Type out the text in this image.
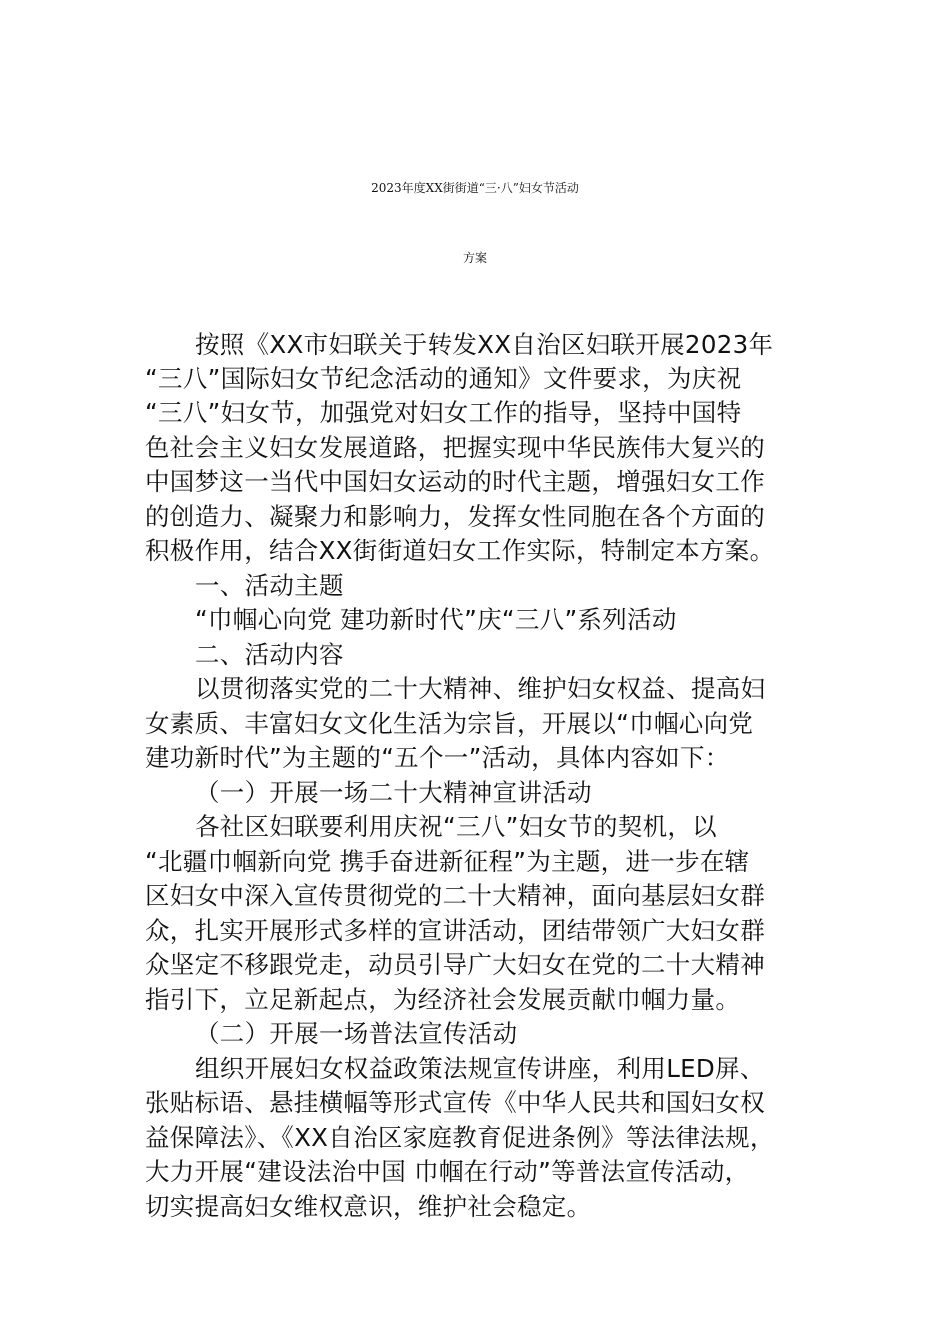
2023年度XX街街道“三·八”妇女节活动
方案
按照《XX市妇联关于转发XX自治区妇联开展2023年
“三八”国际妇女节纪念活动的通知》文件要求，为庆祝
“三八”妇女节，加强党对妇女工作的指导，坚持中国特
色社会主义妇女发展道路，把握实现中华民族伟大复兴的
中国梦这一当代中国妇女运动的时代主题，增强妇女工作
的创造力、凝聚力和影响力，发挥女性同胞在各个方面的
积极作用，结合XX街街道妇女工作实际，特制定本方案。
一、活动主题
“巾帼心向党 建功新时代”庆“三八”系列活动
二、活动内容
以贯彻落实党的二十大精神、维护妇女权益、提高妇
女素质、丰富妇女文化生活为宗旨，开展以“巾帼心向党
建功新时代”为主题的“五个一”活动，具体内容如下：
（一）开展一场二十大精神宣讲活动
各社区妇联要利用庆祝“三八”妇女节的契机，以
“北疆巾帼新向党 携手奋进新征程”为主题，进一步在辖
区妇女中深入宣传贯彻党的二十大精神，面向基层妇女群
众，扎实开展形式多样的宣讲活动，团结带领广大妇女群
众坚定不移跟党走，动员引导广大妇女在党的二十大精神
指引下，立足新起点，为经济社会发展贡献巾帼力量。
（二）开展一场普法宣传活动
组织开展妇女权益政策法规宣传讲座，利用LED屏、
张贴标语、悬挂横幅等形式宣传《中华人民共和国妇女权
益保障法》、《XX自治区家庭教育促进条例》等法律法规，
大力开展“建设法治中国 巾帼在行动”等普法宣传活动，
切实提高妇女维权意识，维护社会稳定。
